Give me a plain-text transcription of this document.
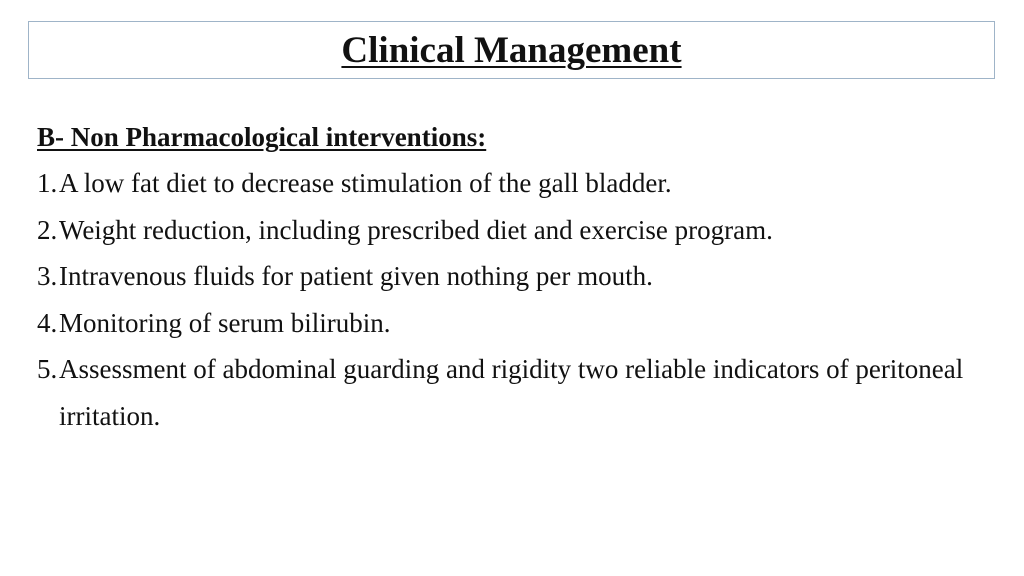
Clinical Management

B- Non Pharmacological interventions:

1. A low fat diet to decrease stimulation of the gall bladder.
2. Weight reduction, including prescribed diet and exercise program.
3. Intravenous fluids for patient given nothing per mouth.
4. Monitoring of serum bilirubin.
5. Assessment of abdominal guarding and rigidity two reliable indicators of peritoneal irritation.
